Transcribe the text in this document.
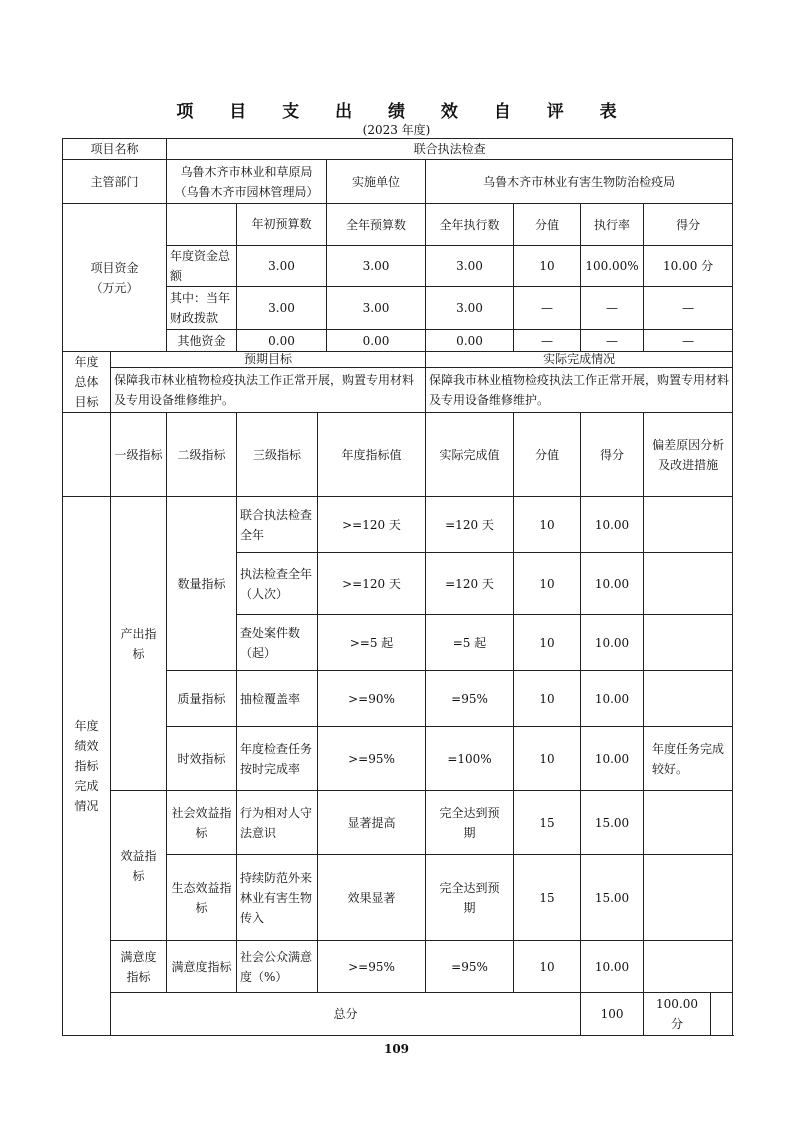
项 目 支 出 绩 效 自 评 表
(2023 年度)
项目名称		联合执法检查								
主管部门		乌鲁木齐市林业和草原局
（乌鲁木齐市园林管理局）			实施单位	乌鲁木齐市林业有害生物防治检疫局				

项目资金
（万元）			年初预算数		全年预算数	全年执行数	分值	执行率	得分	
		年度资金总额	3.00		3.00	3.00	10	100.00%	10.00 分	
		其中：当年财政拨款	3.00		3.00	3.00	—	—	—	
		其他资金	0.00		0.00	0.00	—	—	—	
年度总体目标	预期目标					实际完成情况				
	保障我市林业植物检疫执法工作正常开展，购置专用材料及专用设备维修维护。					保障我市林业植物检疫执法工作正常开展，购置专用材料及专用设备维修维护。				
	一级指标	二级指标	三级指标	年度指标值		实际完成值	分值	得分	偏差原因分析及改进措施	
年度绩效指标完成情况	产出指标	数量指标	联合执法检查全年	>=120 天		=120 天	10	10.00		
			执法检查全年（人次）	>=120 天		=120 天	10	10.00		
			查处案件数（起）	>=5 起		=5 起	10	10.00		
		质量指标	抽检覆盖率	>=90%		=95%	10	10.00		
		时效指标	年度检查任务按时完成率	>=95%		=100%	10	10.00	年度任务完成较好。	
	效益指标	社会效益指标	行为相对人守法意识	显著提高		完全达到预期	15	15.00		
		生态效益指标	持续防范外来林业有害生物传入	效果显著		完全达到预期	15	15.00		
	满意度指标	满意度指标	社会公众满意度（%）	>=95%		=95%	10	10.00		
	总分							100	100.00 分	
109
